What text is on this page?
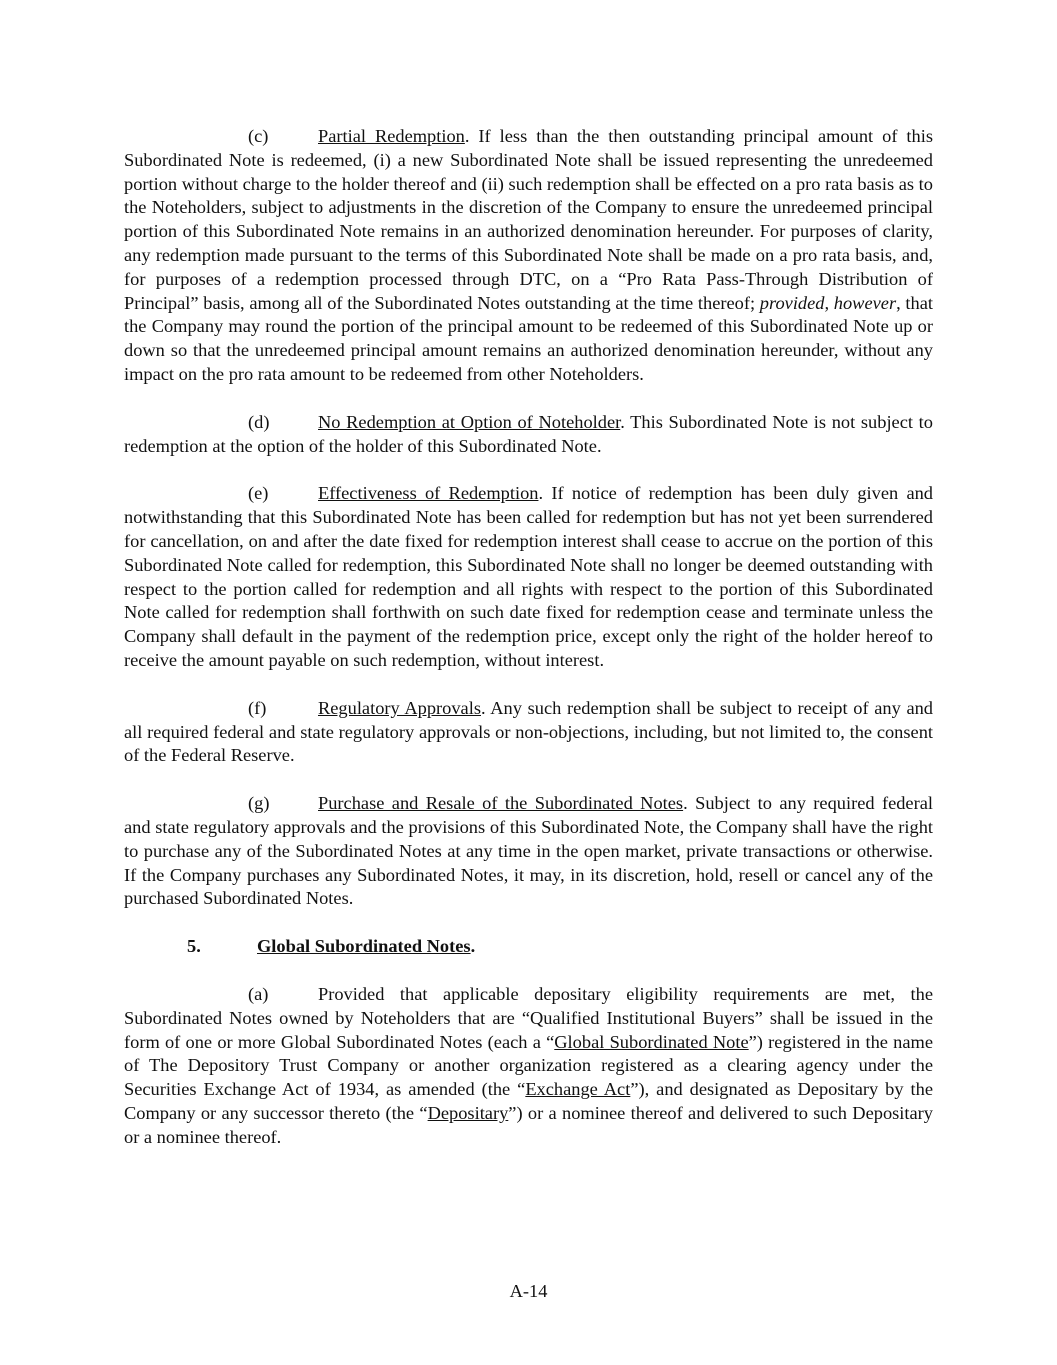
(c)	Partial Redemption. If less than the then outstanding principal amount of this Subordinated Note is redeemed, (i) a new Subordinated Note shall be issued representing the unredeemed portion without charge to the holder thereof and (ii) such redemption shall be effected on a pro rata basis as to the Noteholders, subject to adjustments in the discretion of the Company to ensure the unredeemed principal portion of this Subordinated Note remains in an authorized denomination hereunder. For purposes of clarity, any redemption made pursuant to the terms of this Subordinated Note shall be made on a pro rata basis, and, for purposes of a redemption processed through DTC, on a “Pro Rata Pass-Through Distribution of Principal” basis, among all of the Subordinated Notes outstanding at the time thereof; provided, however, that the Company may round the portion of the principal amount to be redeemed of this Subordinated Note up or down so that the unredeemed principal amount remains an authorized denomination hereunder, without any impact on the pro rata amount to be redeemed from other Noteholders.

(d)	No Redemption at Option of Noteholder. This Subordinated Note is not subject to redemption at the option of the holder of this Subordinated Note.

(e)	Effectiveness of Redemption. If notice of redemption has been duly given and notwithstanding that this Subordinated Note has been called for redemption but has not yet been surrendered for cancellation, on and after the date fixed for redemption interest shall cease to accrue on the portion of this Subordinated Note called for redemption, this Subordinated Note shall no longer be deemed outstanding with respect to the portion called for redemption and all rights with respect to the portion of this Subordinated Note called for redemption shall forthwith on such date fixed for redemption cease and terminate unless the Company shall default in the payment of the redemption price, except only the right of the holder hereof to receive the amount payable on such redemption, without interest.

(f)	Regulatory Approvals. Any such redemption shall be subject to receipt of any and all required federal and state regulatory approvals or non-objections, including, but not limited to, the consent of the Federal Reserve.

(g)	Purchase and Resale of the Subordinated Notes. Subject to any required federal and state regulatory approvals and the provisions of this Subordinated Note, the Company shall have the right to purchase any of the Subordinated Notes at any time in the open market, private transactions or otherwise. If the Company purchases any Subordinated Notes, it may, in its discretion, hold, resell or cancel any of the purchased Subordinated Notes.

5.	Global Subordinated Notes.

(a)	Provided that applicable depositary eligibility requirements are met, the Subordinated Notes owned by Noteholders that are “Qualified Institutional Buyers” shall be issued in the form of one or more Global Subordinated Notes (each a “Global Subordinated Note”) registered in the name of The Depository Trust Company or another organization registered as a clearing agency under the Securities Exchange Act of 1934, as amended (the “Exchange Act”), and designated as Depositary by the Company or any successor thereto (the “Depositary”) or a nominee thereof and delivered to such Depositary or a nominee thereof.

A-14
